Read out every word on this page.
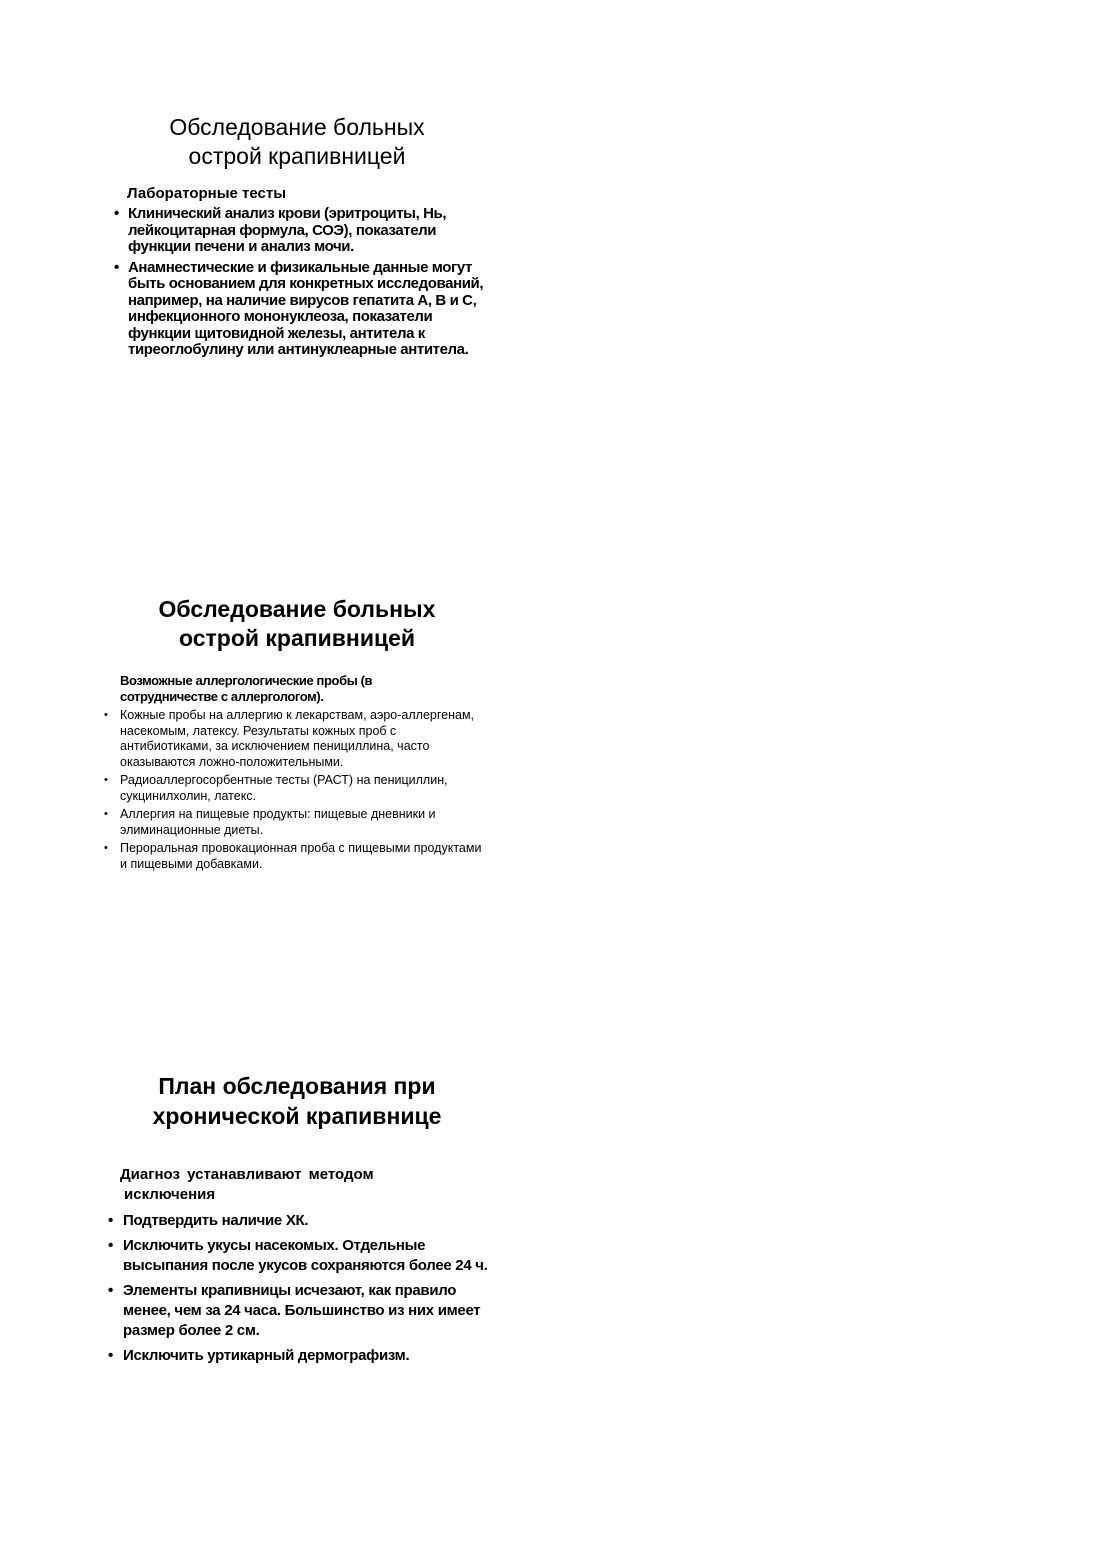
Обследование больных
острой крапивницей

Лабораторные тесты

• Клинический анализ крови (эритроциты, Нь, лейкоцитарная формула, СОЭ), показатели функции печени и анализ мочи.
• Анамнестические и физикальные данные могут быть основанием для конкретных исследований, например, на наличие вирусов гепатита А, В и С, инфекционного мононуклеоза, показатели функции щитовидной железы, антитела к тиреоглобулину или антинуклеарные антитела.
Обследование больных
острой крапивницей

Возможные аллергологические пробы (в сотрудничестве с аллергологом).

• Кожные пробы на аллергию к лекарствам, аэро-аллергенам, насекомым, латексу. Результаты кожных проб с антибиотиками, за исключением пенициллина, часто оказываются ложно-положительными.
• Радиоаллергосорбентные тесты (РАСТ) на пенициллин, сукцинилхолин, латекс.
• Аллергия на пищевые продукты: пищевые дневники и элиминационные диеты.
• Пероральная провокационная проба с пищевыми продуктами и пищевыми добавками.
План обследования при
хронической крапивнице

Диагноз устанавливают методом
исключения

• Подтвердить наличие ХК.
• Исключить укусы насекомых. Отдельные высыпания после укусов сохраняются более 24 ч.
• Элементы крапивницы исчезают, как правило менее, чем за 24 часа. Большинство из них имеет размер более 2 см.
• Исключить уртикарный дермографизм.
